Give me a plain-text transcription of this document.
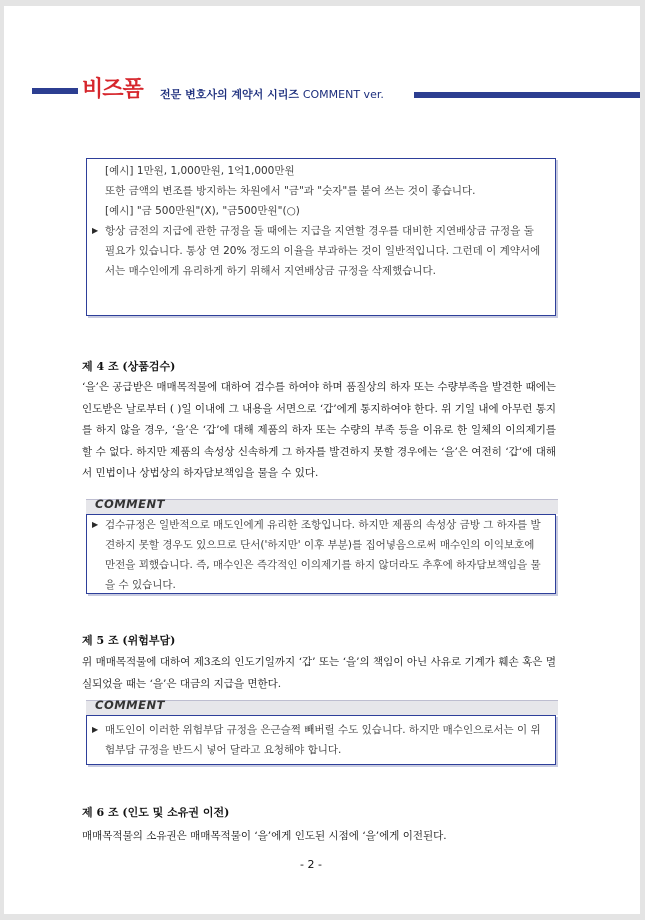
비즈폼 전문 변호사의 계약서 시리즈 COMMENT ver.

[예시] 1만원, 1,000만원, 1억1,000만원

또한 금액의 변조를 방지하는 차원에서 "금"과 "숫자"를 붙여 쓰는 것이 좋습니다.

[예시] "금 500만원"(X), "금500만원"(○)

▶ 항상 금전의 지급에 관한 규정을 둘 때에는 지급을 지연할 경우를 대비한 지연배상금 규정을 둘 필요가 있습니다. 통상 연 20% 정도의 이율을 부과하는 것이 일반적입니다. 그런데 이 계약서에서는 매수인에게 유리하게 하기 위해서 지연배상금 규정을 삭제했습니다.

제 4 조 (상품검수)

‘을’은 공급받은 매매목적물에 대하여 검수를 하여야 하며 품질상의 하자 또는 수량부족을 발견한 때에는 인도받은 날로부터 ( )일 이내에 그 내용을 서면으로 ‘갑’에게 통지하여야 한다. 위 기일 내에 아무런 통지를 하지 않을 경우, ‘을’은 ‘갑’에 대해 제품의 하자 또는 수량의 부족 등을 이유로 한 일체의 이의제기를 할 수 없다. 하지만 제품의 속성상 신속하게 그 하자를 발견하지 못할 경우에는 ‘을’은 여전히 ‘갑’에 대해서 민법이나 상법상의 하자담보책임을 물을 수 있다.

COMMENT

▶ 검수규정은 일반적으로 매도인에게 유리한 조항입니다. 하지만 제품의 속성상 금방 그 하자를 발견하지 못할 경우도 있으므로 단서('하지만' 이후 부분)를 집어넣음으로써 매수인의 이익보호에 만전을 꾀했습니다. 즉, 매수인은 즉각적인 이의제기를 하지 않더라도 추후에 하자담보책임을 물을 수 있습니다.

제 5 조 (위험부담)

위 매매목적물에 대하여 제3조의 인도기일까지 ‘갑’ 또는 ‘을’의 책임이 아닌 사유로 기계가 훼손 혹은 멸실되었을 때는 ‘을’은 대금의 지급을 면한다.

COMMENT

▶ 매도인이 이러한 위험부담 규정을 은근슬쩍 빼버릴 수도 있습니다. 하지만 매수인으로서는 이 위험부담 규정을 반드시 넣어 달라고 요청해야 합니다.

제 6 조 (인도 및 소유권 이전)

매매목적물의 소유권은 매매목적물이 ‘을’에게 인도된 시점에 ‘을’에게 이전된다.

- 2 -
